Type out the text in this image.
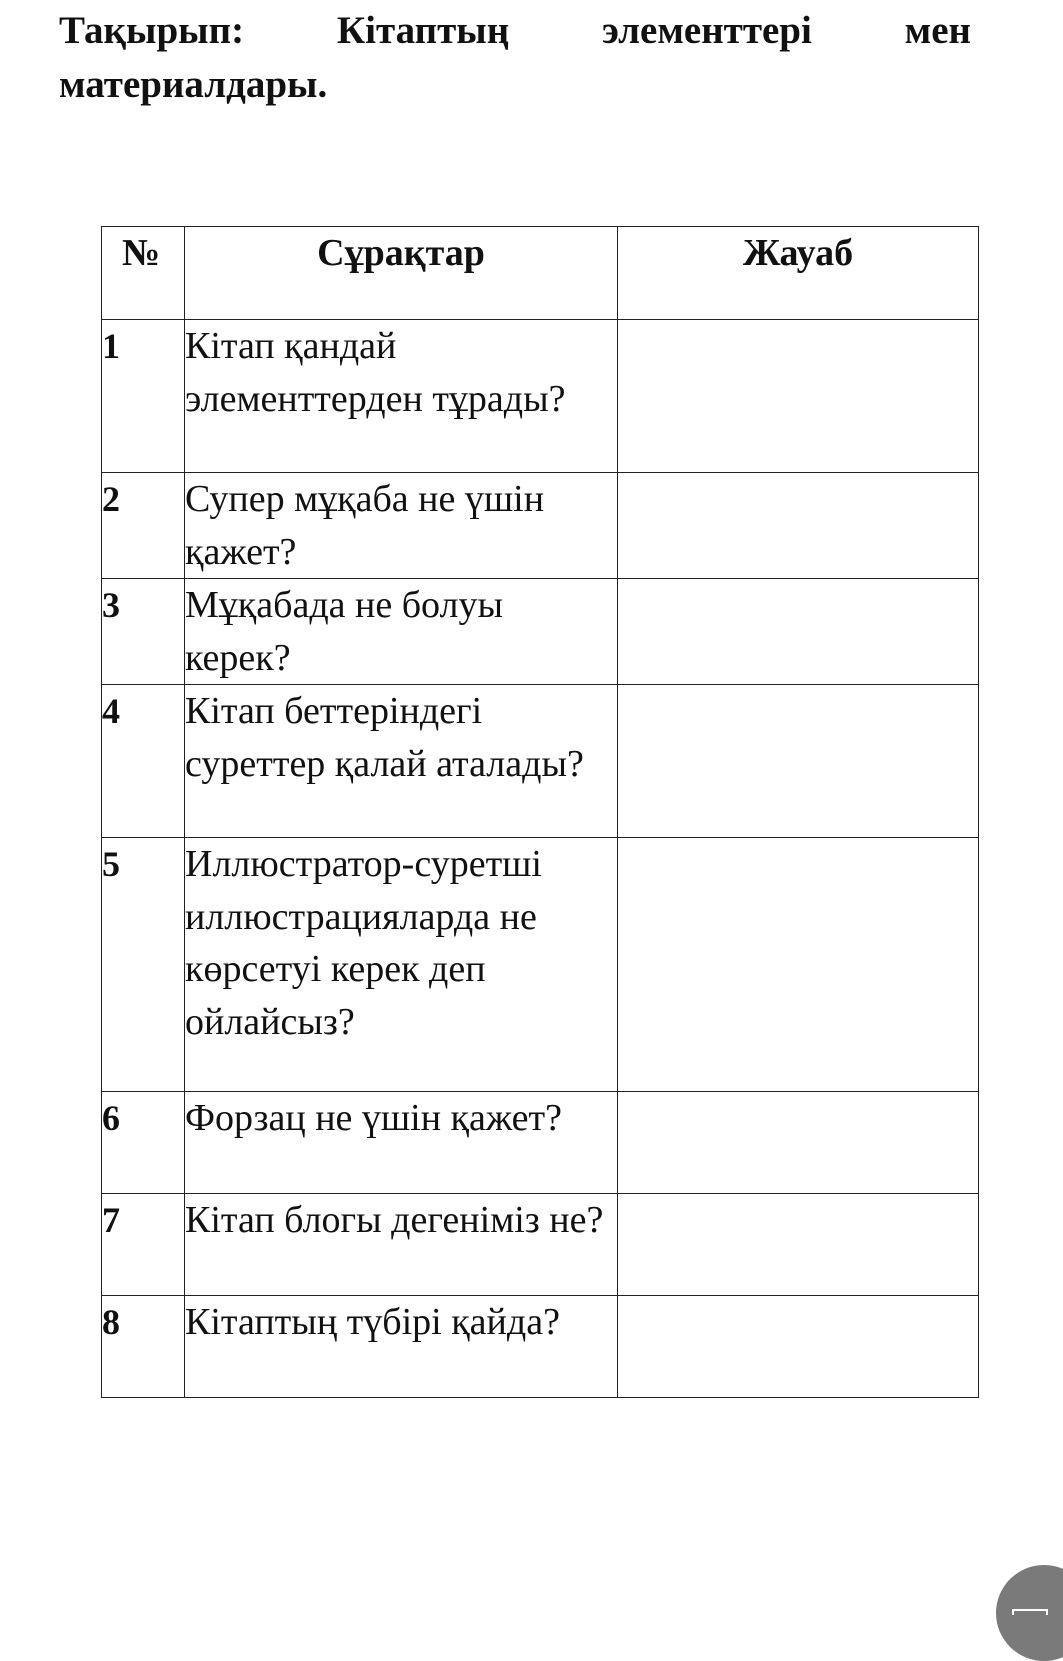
Тақырып: Кітаптың элементтері мен материалдары.

№	Сұрақтар	Жауаб
1	Кітап қандай элементтерден тұрады?	
2	Супер мұқаба не үшін қажет?	
3	Мұқабада не болуы керек?	
4	Кітап беттеріндегі суреттер қалай аталады?	
5	Иллюстратор-суретші иллюстрацияларда не көрсетуі керек деп ойлайсыз?	
6	Форзац не үшін қажет?	
7	Кітап блогы дегеніміз не?	
8	Кітаптың түбірі қайда?	
